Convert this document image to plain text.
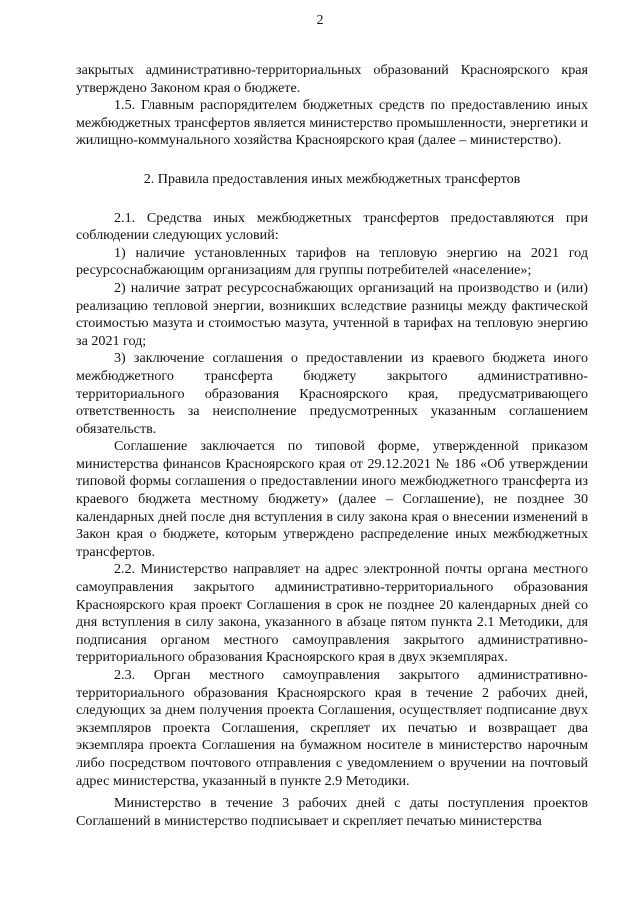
2

закрытых административно-территориальных образований Красноярского края утверждено Законом края о бюджете.

1.5. Главным распорядителем бюджетных средств по предоставлению иных межбюджетных трансфертов является министерство промышленности, энергетики и жилищно-коммунального хозяйства Красноярского края (далее – министерство).

2. Правила предоставления иных межбюджетных трансфертов

2.1. Средства иных межбюджетных трансфертов предоставляются при соблюдении следующих условий:

1) наличие установленных тарифов на тепловую энергию на 2021 год ресурсоснабжающим организациям для группы потребителей «население»;

2) наличие затрат ресурсоснабжающих организаций на производство и (или) реализацию тепловой энергии, возникших вследствие разницы между фактической стоимостью мазута и стоимостью мазута, учтенной в тарифах на тепловую энергию за 2021 год;

3) заключение соглашения о предоставлении из краевого бюджета иного межбюджетного трансферта бюджету закрытого административно-территориального образования Красноярского края, предусматривающего ответственность за неисполнение предусмотренных указанным соглашением обязательств.

Соглашение заключается по типовой форме, утвержденной приказом министерства финансов Красноярского края от 29.12.2021 № 186 «Об утверждении типовой формы соглашения о предоставлении иного межбюджетного трансферта из краевого бюджета местному бюджету» (далее – Соглашение), не позднее 30 календарных дней после дня вступления в силу закона края о внесении изменений в Закон края о бюджете, которым утверждено распределение иных межбюджетных трансфертов.

2.2. Министерство направляет на адрес электронной почты органа местного самоуправления закрытого административно-территориального образования Красноярского края проект Соглашения в срок не позднее 20 календарных дней со дня вступления в силу закона, указанного в абзаце пятом пункта 2.1 Методики, для подписания органом местного самоуправления закрытого административно-территориального образования Красноярского края в двух экземплярах.

2.3. Орган местного самоуправления закрытого административно-территориального образования Красноярского края в течение 2 рабочих дней, следующих за днем получения проекта Соглашения, осуществляет подписание двух экземпляров проекта Соглашения, скрепляет их печатью и возвращает два экземпляра проекта Соглашения на бумажном носителе в министерство нарочным либо посредством почтового отправления с уведомлением о вручении на почтовый адрес министерства, указанный в пункте 2.9 Методики.

Министерство в течение 3 рабочих дней с даты поступления проектов Соглашений в министерство подписывает и скрепляет печатью министерства
